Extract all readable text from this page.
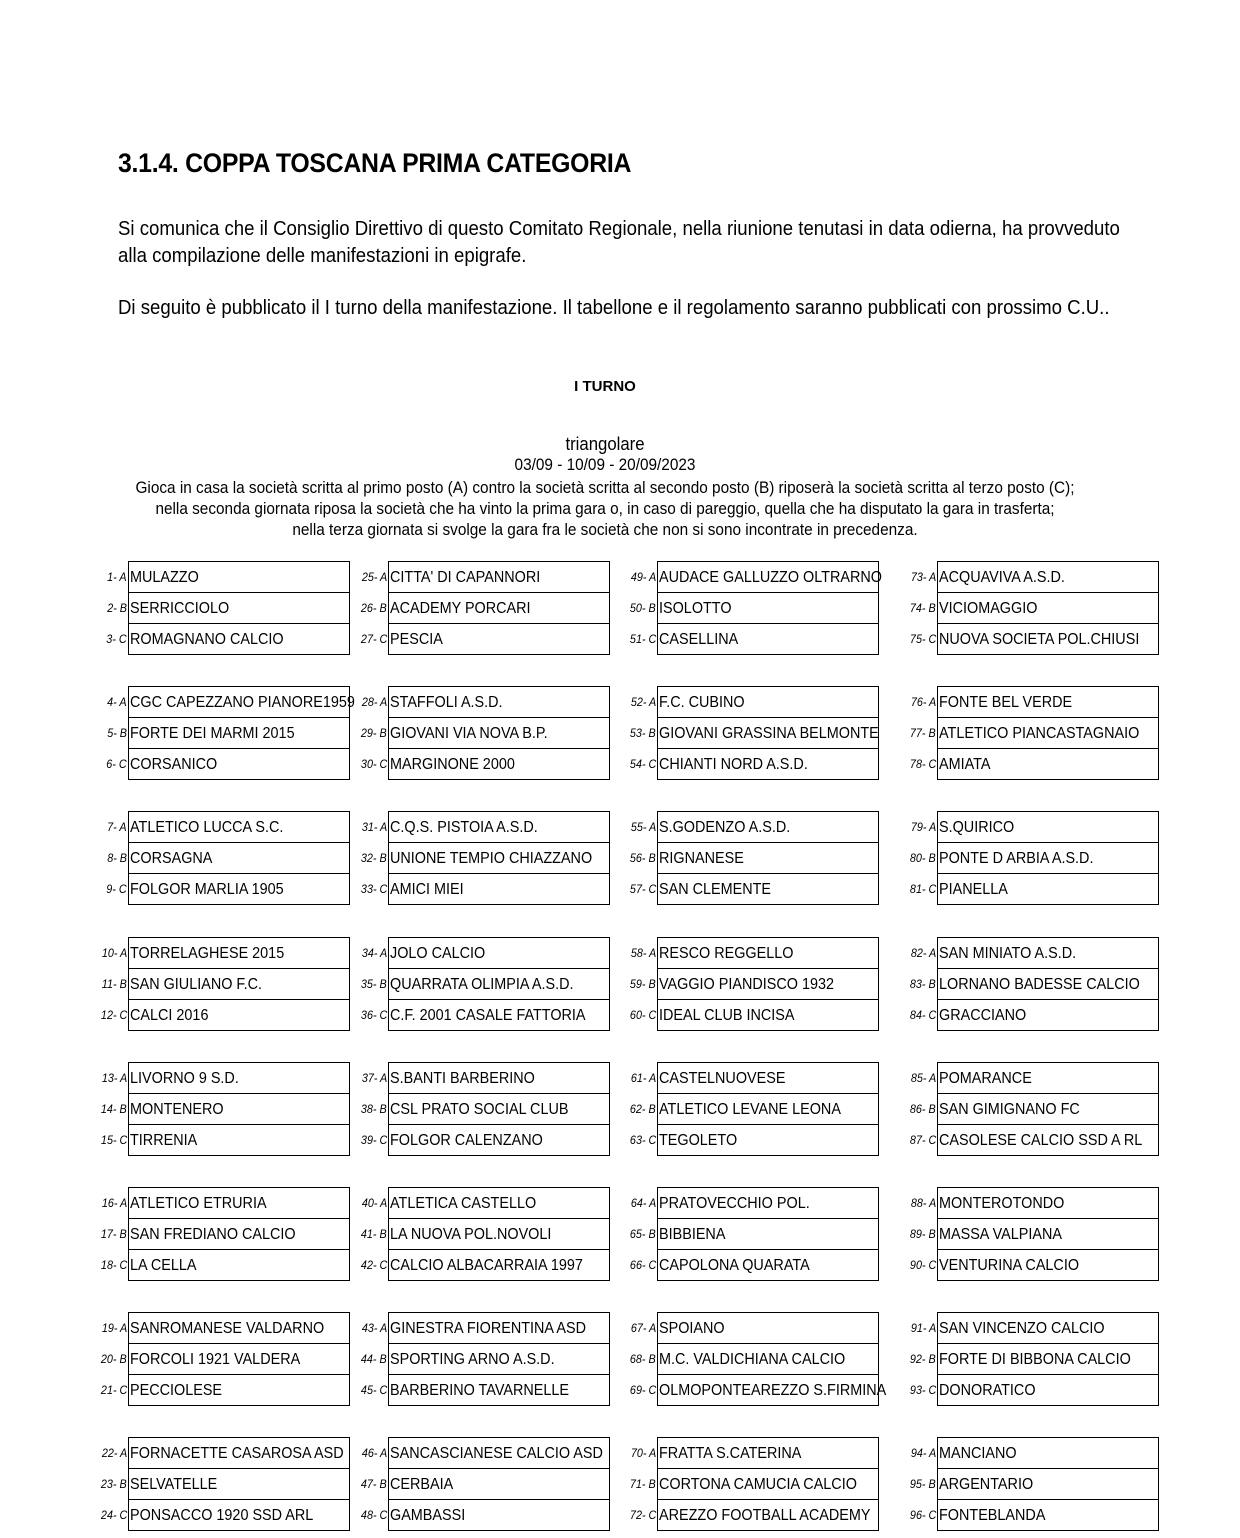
3.1.4. COPPA TOSCANA PRIMA CATEGORIA
Si comunica che il Consiglio Direttivo di questo Comitato Regionale, nella riunione tenutasi in data odierna, ha provveduto alla compilazione delle manifestazioni in epigrafe.
Di seguito è pubblicato il I turno della manifestazione. Il tabellone e il regolamento saranno pubblicati con prossimo C.U..
I TURNO
triangolare
03/09 - 10/09 - 20/09/2023
Gioca in casa la società scritta al primo posto (A) contro la società scritta al secondo posto (B) riposerà la società scritta al terzo posto (C);
nella seconda giornata riposa la società che ha vinto la prima gara o, in caso di pareggio, quella che ha disputato la gara in trasferta;
nella terza giornata si svolge la gara fra le società che non si sono incontrate in precedenza.
1- A MULAZZO
2- B SERRICCIOLO
3- C ROMAGNANO CALCIO
4- A CGC CAPEZZANO PIANORE1959
5- B FORTE DEI MARMI 2015
6- C CORSANICO
7- A ATLETICO LUCCA S.C.
8- B CORSAGNA
9- C FOLGOR MARLIA 1905
10- A TORRELAGHESE 2015
11- B SAN GIULIANO F.C.
12- C CALCI 2016
13- A LIVORNO 9 S.D.
14- B MONTENERO
15- C TIRRENIA
16- A ATLETICO ETRURIA
17- B SAN FREDIANO CALCIO
18- C LA CELLA
19- A SANROMANESE VALDARNO
20- B FORCOLI 1921 VALDERA
21- C PECCIOLESE
22- A FORNACETTE CASAROSA ASD
23- B SELVATELLE
24- C PONSACCO 1920 SSD ARL
25- A CITTA' DI CAPANNORI
26- B ACADEMY PORCARI
27- C PESCIA
28- A STAFFOLI A.S.D.
29- B GIOVANI VIA NOVA B.P.
30- C MARGINONE 2000
31- A C.Q.S. PISTOIA A.S.D.
32- B UNIONE TEMPIO CHIAZZANO
33- C AMICI MIEI
34- A JOLO CALCIO
35- B QUARRATA OLIMPIA A.S.D.
36- C C.F. 2001 CASALE FATTORIA
37- A S.BANTI BARBERINO
38- B CSL PRATO SOCIAL CLUB
39- C FOLGOR CALENZANO
40- A ATLETICA CASTELLO
41- B LA NUOVA POL.NOVOLI
42- C CALCIO ALBACARRAIA 1997
43- A GINESTRA FIORENTINA ASD
44- B SPORTING ARNO A.S.D.
45- C BARBERINO TAVARNELLE
46- A SANCASCIANESE CALCIO ASD
47- B CERBAIA
48- C GAMBASSI
49- A AUDACE GALLUZZO OLTRARNO
50- B ISOLOTTO
51- C CASELLINA
52- A F.C. CUBINO
53- B GIOVANI GRASSINA BELMONTE
54- C CHIANTI NORD A.S.D.
55- A S.GODENZO A.S.D.
56- B RIGNANESE
57- C SAN CLEMENTE
58- A RESCO REGGELLO
59- B VAGGIO PIANDISCO 1932
60- C IDEAL CLUB INCISA
61- A CASTELNUOVESE
62- B ATLETICO LEVANE LEONA
63- C TEGOLETO
64- A PRATOVECCHIO POL.
65- B BIBBIENA
66- C CAPOLONA QUARATA
67- A SPOIANO
68- B M.C. VALDICHIANA CALCIO
69- C OLMOPONTEAREZZO S.FIRMINA
70- A FRATTA S.CATERINA
71- B CORTONA CAMUCIA CALCIO
72- C AREZZO FOOTBALL ACADEMY
73- A ACQUAVIVA A.S.D.
74- B VICIOMAGGIO
75- C NUOVA SOCIETA POL.CHIUSI
76- A FONTE BEL VERDE
77- B ATLETICO PIANCASTAGNAIO
78- C AMIATA
79- A S.QUIRICO
80- B PONTE D ARBIA A.S.D.
81- C PIANELLA
82- A SAN MINIATO A.S.D.
83- B LORNANO BADESSE CALCIO
84- C GRACCIANO
85- A POMARANCE
86- B SAN GIMIGNANO FC
87- C CASOLESE CALCIO SSD A RL
88- A MONTEROTONDO
89- B MASSA VALPIANA
90- C VENTURINA CALCIO
91- A SAN VINCENZO CALCIO
92- B FORTE DI BIBBONA CALCIO
93- C DONORATICO
94- A MANCIANO
95- B ARGENTARIO
96- C FONTEBLANDA
